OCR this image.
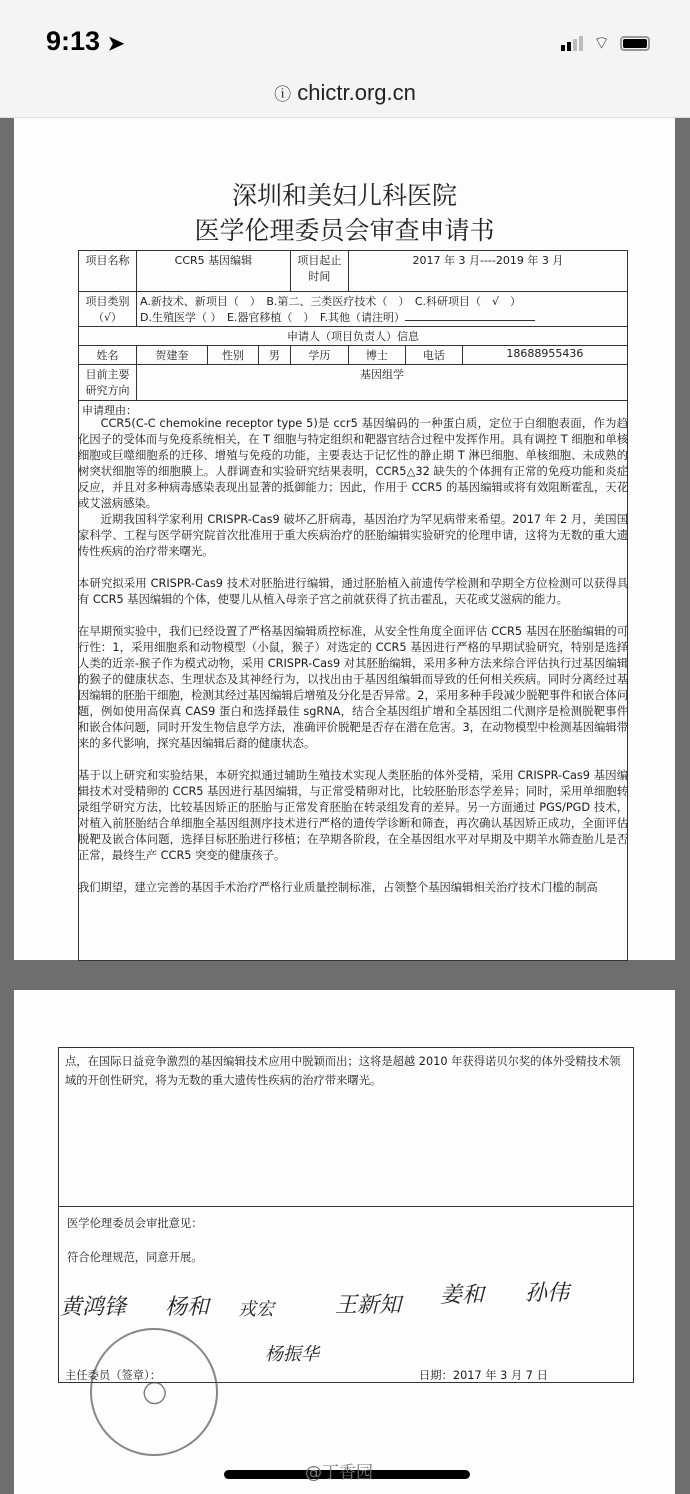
9:13 ➤	⌔
ⓘ chictr.org.cn
深圳和美妇儿科医院
医学伦理委员会审查申请书
项目名称	CCR5 基因编辑			项目起止时间	2017 年 3 月----2019 年 3 月		
项目类别（√）	A.新技术、新项目（　）　B.第二、三类医疗技术（　）　C.科研项目（　√　）
D.生殖医学（ ）　E.器官移植（　）　F.其他（请注明）						

申请人（项目负责人）信息							
姓名	贺建奎	性别	男	学历	博士	电话	18688955436
目前主要研究方向	基因组学						
申请理由：							

CCR5(C-C chemokine receptor type 5)是 ccr5 基因编码的一种蛋白质，定位于白细胞表面，作为趋化因子的受体而与免疫系统相关，在 T 细胞与特定组织和靶器官结合过程中发挥作用。具有调控 T 细胞和单核细胞或巨噬细胞系的迁移、增殖与免疫的功能，主要表达于记忆性的静止期 T 淋巴细胞、单核细胞、未成熟的树突状细胞等的细胞膜上。人群调查和实验研究结果表明，CCR5△32 缺失的个体拥有正常的免疫功能和炎症反应，并且对多种病毒感染表现出显著的抵御能力；因此，作用于 CCR5 的基因编辑或将有效阻断霍乱，天花或艾滋病感染。

近期我国科学家利用 CRISPR-Cas9 破坏乙肝病毒，基因治疗为罕见病带来希望。2017 年 2 月，美国国家科学、工程与医学研究院首次批准用于重大疾病治疗的胚胎编辑实验研究的伦理申请，这将为无数的重大遗传性疾病的治疗带来曙光。

本研究拟采用 CRISPR-Cas9 技术对胚胎进行编辑，通过胚胎植入前遗传学检测和孕期全方位检测可以获得具有 CCR5 基因编辑的个体，使婴儿从植入母亲子宫之前就获得了抗击霍乱，天花或艾滋病的能力。

在早期预实验中，我们已经设置了严格基因编辑质控标准，从安全性角度全面评估 CCR5 基因在胚胎编辑的可行性：1，采用细胞系和动物模型（小鼠，猴子）对选定的 CCR5 基因进行严格的早期试验研究，特别是选择人类的近亲-猴子作为模式动物，采用 CRISPR-Cas9 对其胚胎编辑，采用多种方法来综合评估执行过基因编辑的猴子的健康状态、生理状态及其神经行为，以找出由于基因组编辑而导致的任何相关疾病。同时分离经过基因编辑的胚胎干细胞，检测其经过基因编辑后增殖及分化是否异常。2，采用多种手段减少脱靶事件和嵌合体问题，例如使用高保真 CAS9 蛋白和选择最佳 sgRNA，结合全基因组扩增和全基因组二代测序是检测脱靶事件和嵌合体问题，同时开发生物信息学方法，准确评价脱靶是否存在潜在危害。3，在动物模型中检测基因编辑带来的多代影响，探究基因编辑后裔的健康状态。

基于以上研究和实验结果，本研究拟通过辅助生殖技术实现人类胚胎的体外受精，采用 CRISPR-Cas9 基因编辑技术对受精卵的 CCR5 基因进行基因编辑，与正常受精卵对比，比较胚胎形态学差异；同时，采用单细胞转录组学研究方法，比较基因矫正的胚胎与正常发育胚胎在转录组发育的差异。另一方面通过 PGS/PGD 技术，对植入前胚胎结合单细胞全基因组测序技术进行严格的遗传学诊断和筛查，再次确认基因矫正成功，全面评估脱靶及嵌合体问题，选择目标胚胎进行移植；在孕期各阶段，在全基因组水平对早期及中期羊水筛查胎儿是否正常，最终生产 CCR5 突变的健康孩子。

我们期望，建立完善的基因手术治疗严格行业质量控制标准，占领整个基因编辑相关治疗技术门槛的制高

点，在国际日益竞争激烈的基因编辑技术应用中脱颖而出；这将是超越 2010 年获得诺贝尔奖的体外受精技术领域的开创性研究，将为无数的重大遗传性疾病的治疗带来曙光。
医学伦理委员会审批意见：
符合伦理规范，同意开展。
主任委员（签章）：	日期：2017 年 3 月 7 日
黄鸿锋 杨和 戎宏	王新知 姜和 孙伟
杨振华
◯
@丁香园
